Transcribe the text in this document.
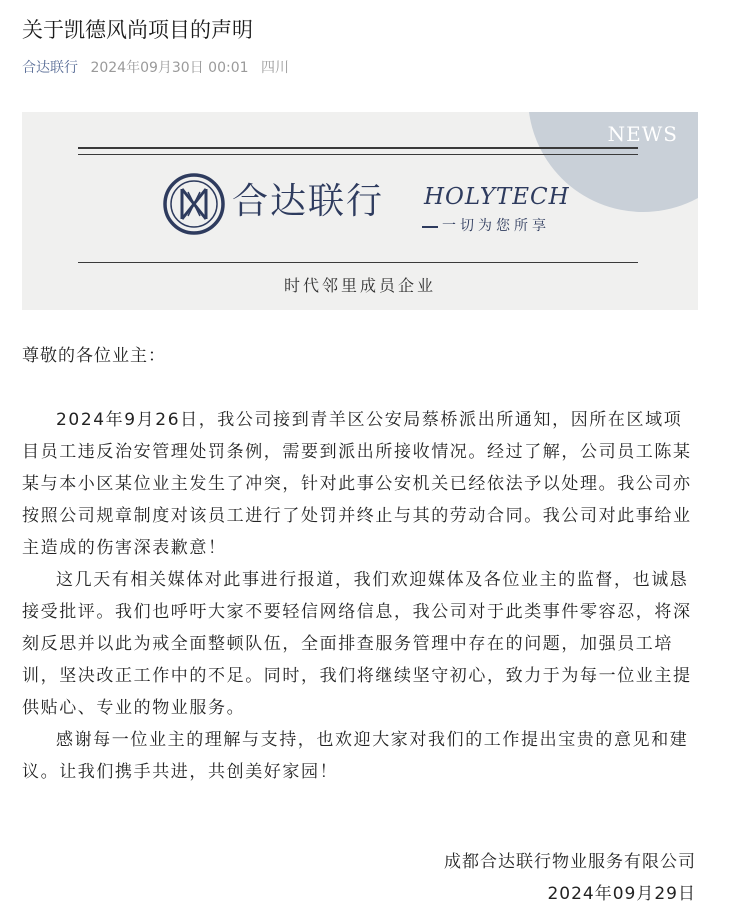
关于凯德风尚项目的声明
合达联行 2024年09月30日 00:01 四川
NEWS
合达联行 HOLYTECH
一切为您所享
时代邻里成员企业

尊敬的各位业主：

2024年9月26日，我公司接到青羊区公安局蔡桥派出所通知，因所在区域项目员工违反治安管理处罚条例，需要到派出所接收情况。经过了解，公司员工陈某某与本小区某位业主发生了冲突，针对此事公安机关已经依法予以处理。我公司亦按照公司规章制度对该员工进行了处罚并终止与其的劳动合同。我公司对此事给业主造成的伤害深表歉意！

这几天有相关媒体对此事进行报道，我们欢迎媒体及各位业主的监督，也诚恳接受批评。我们也呼吁大家不要轻信网络信息，我公司对于此类事件零容忍，将深刻反思并以此为戒全面整顿队伍，全面排查服务管理中存在的问题，加强员工培训，坚决改正工作中的不足。同时，我们将继续坚守初心，致力于为每一位业主提供贴心、专业的物业服务。

感谢每一位业主的理解与支持，也欢迎大家对我们的工作提出宝贵的意见和建议。让我们携手共进，共创美好家园！

成都合达联行物业服务有限公司
2024年09月29日
